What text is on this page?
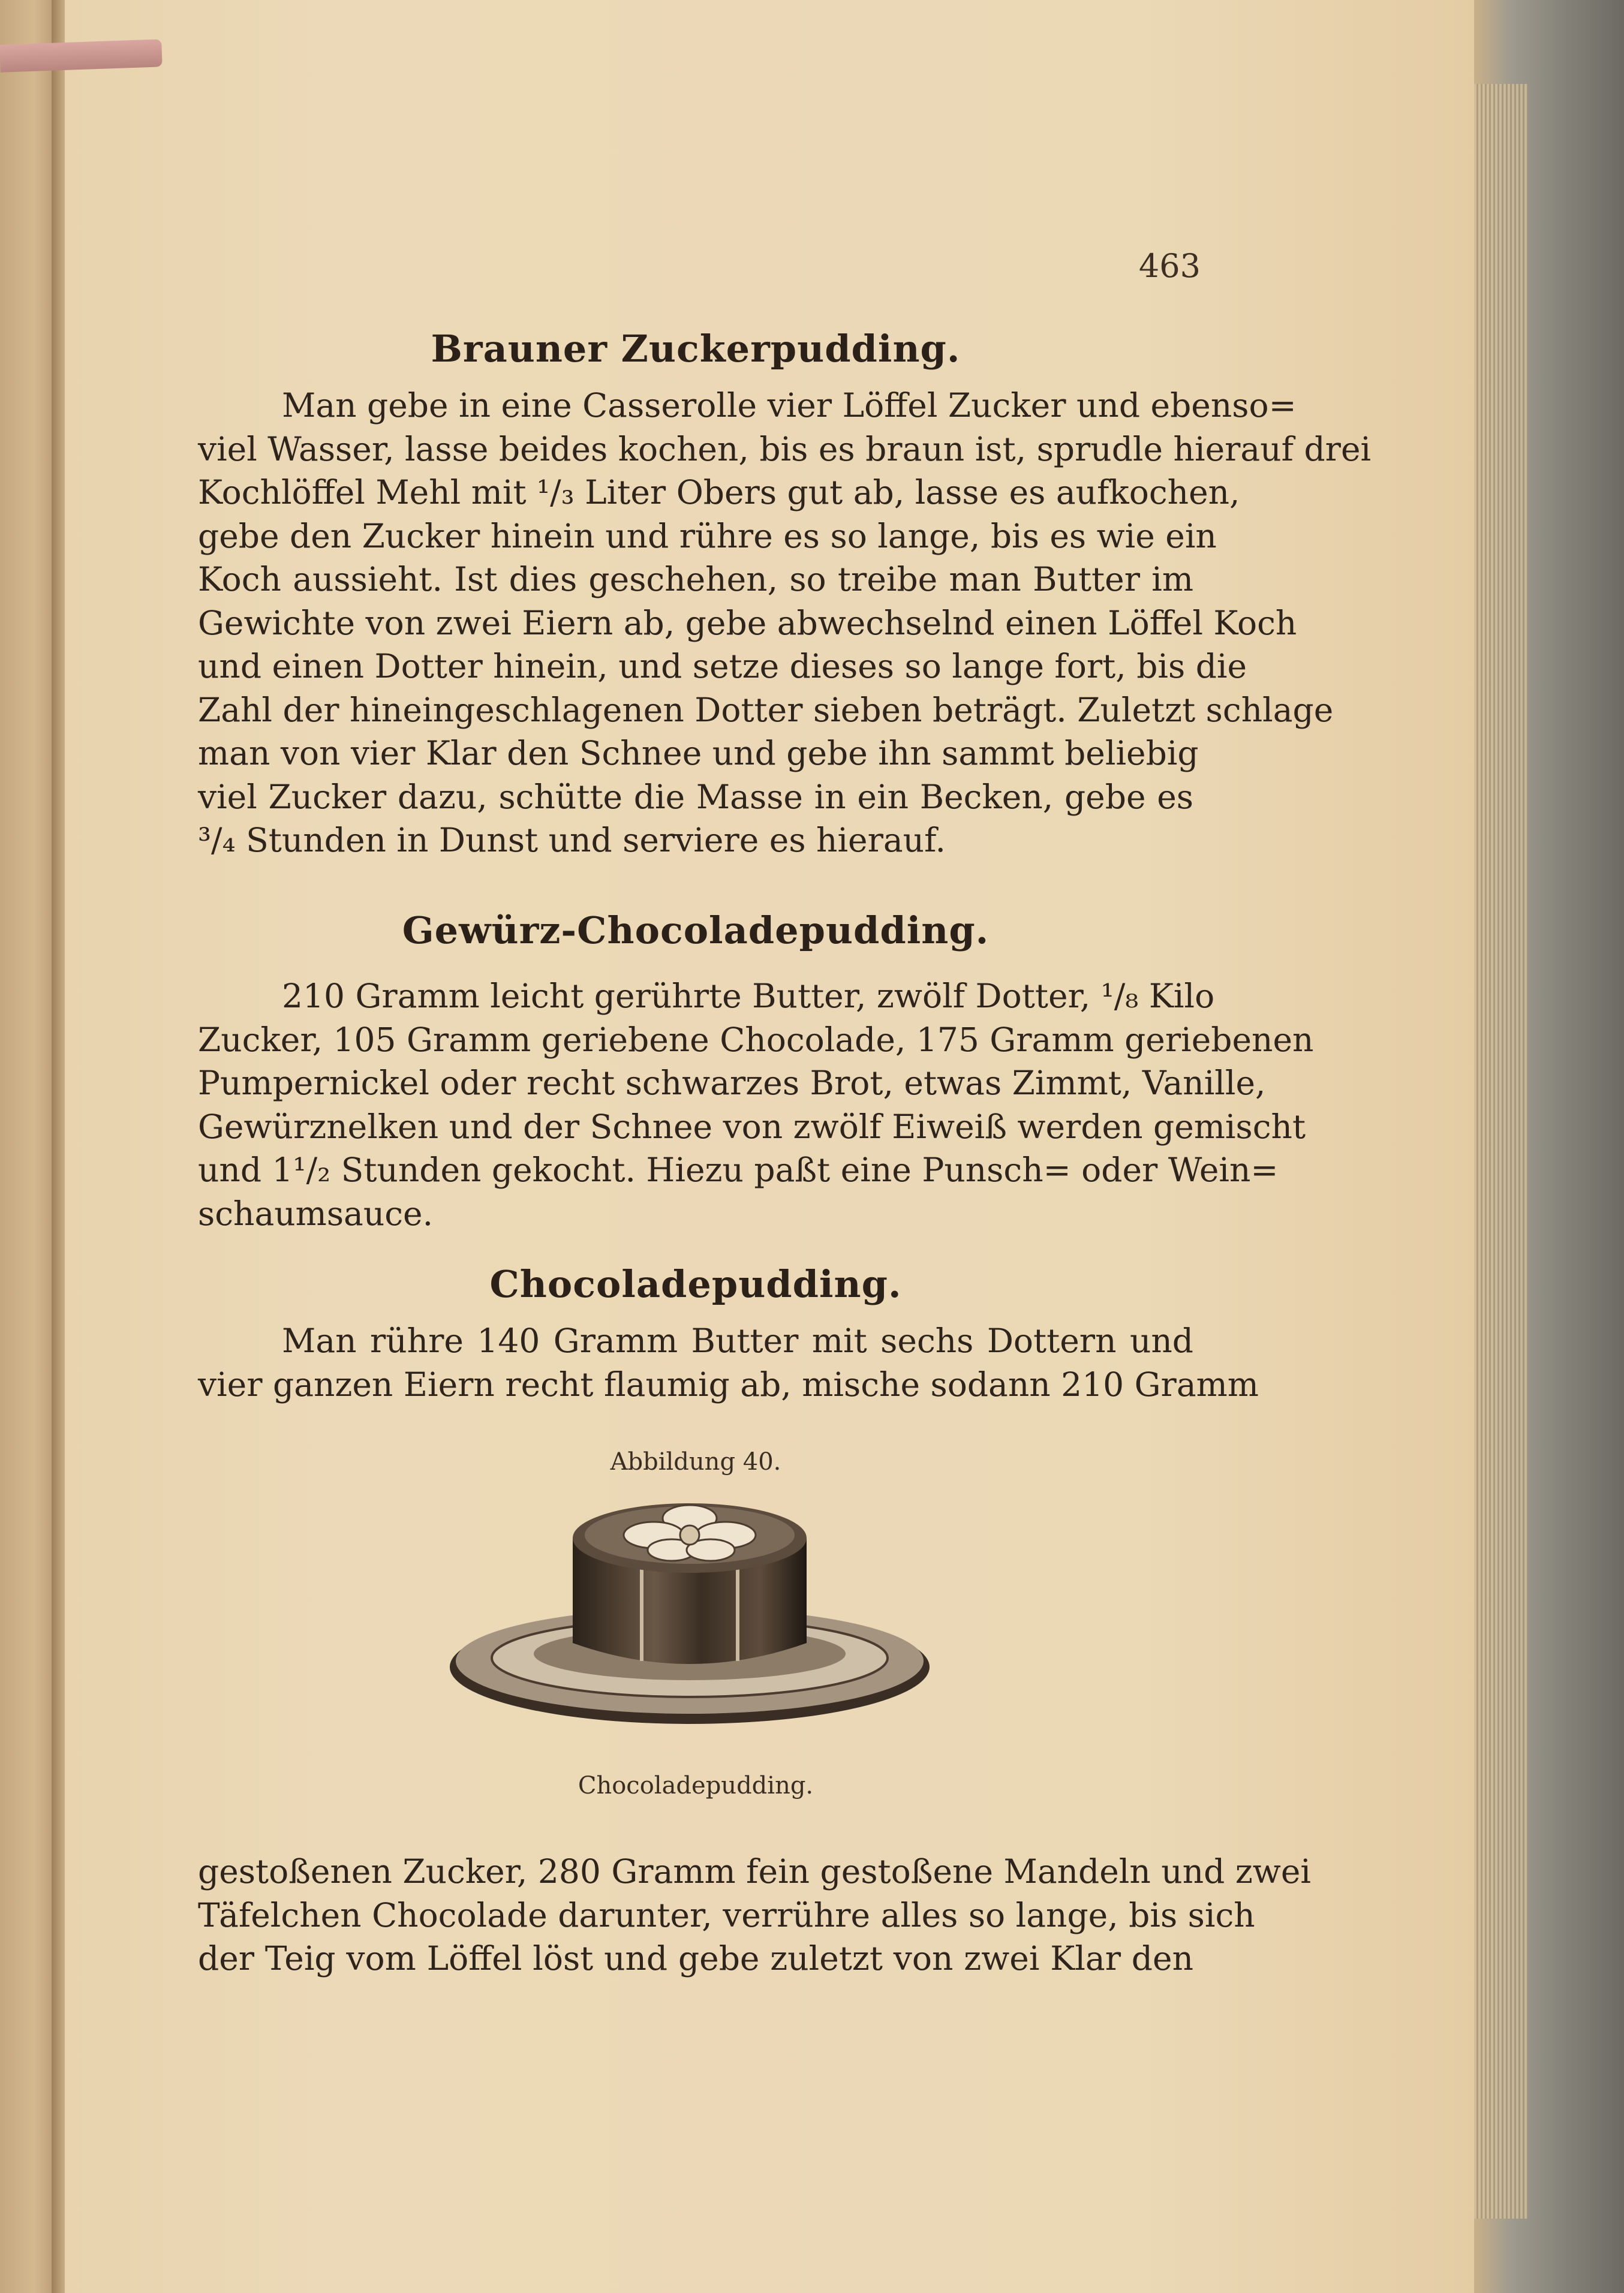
463
Brauner Zuckerpudding.
Man gebe in eine Casserolle vier Löffel Zucker und ebenso=
viel Wasser, lasse beides kochen, bis es braun ist, sprudle hierauf drei
Kochlöffel Mehl mit ¹/₃ Liter Obers gut ab, lasse es aufkochen,
gebe den Zucker hinein und rühre es so lange, bis es wie ein
Koch aussieht. Ist dies geschehen, so treibe man Butter im
Gewichte von zwei Eiern ab, gebe abwechselnd einen Löffel Koch
und einen Dotter hinein, und setze dieses so lange fort, bis die
Zahl der hineingeschlagenen Dotter sieben beträgt. Zuletzt schlage
man von vier Klar den Schnee und gebe ihn sammt beliebig
viel Zucker dazu, schütte die Masse in ein Becken, gebe es
³/₄ Stunden in Dunst und serviere es hierauf.
Gewürz-Chocoladepudding.
210 Gramm leicht gerührte Butter, zwölf Dotter, ¹/₈ Kilo
Zucker, 105 Gramm geriebene Chocolade, 175 Gramm geriebenen
Pumpernickel oder recht schwarzes Brot, etwas Zimmt, Vanille,
Gewürznelken und der Schnee von zwölf Eiweiß werden gemischt
und 1¹/₂ Stunden gekocht. Hiezu paßt eine Punsch= oder Wein=
schaumsauce.
Chocoladepudding.
Man rühre 140 Gramm Butter mit sechs Dottern und
vier ganzen Eiern recht flaumig ab, mische sodann 210 Gramm
Abbildung 40.
Chocoladepudding.
gestoßenen Zucker, 280 Gramm fein gestoßene Mandeln und zwei
Täfelchen Chocolade darunter, verrühre alles so lange, bis sich
der Teig vom Löffel löst und gebe zuletzt von zwei Klar den
